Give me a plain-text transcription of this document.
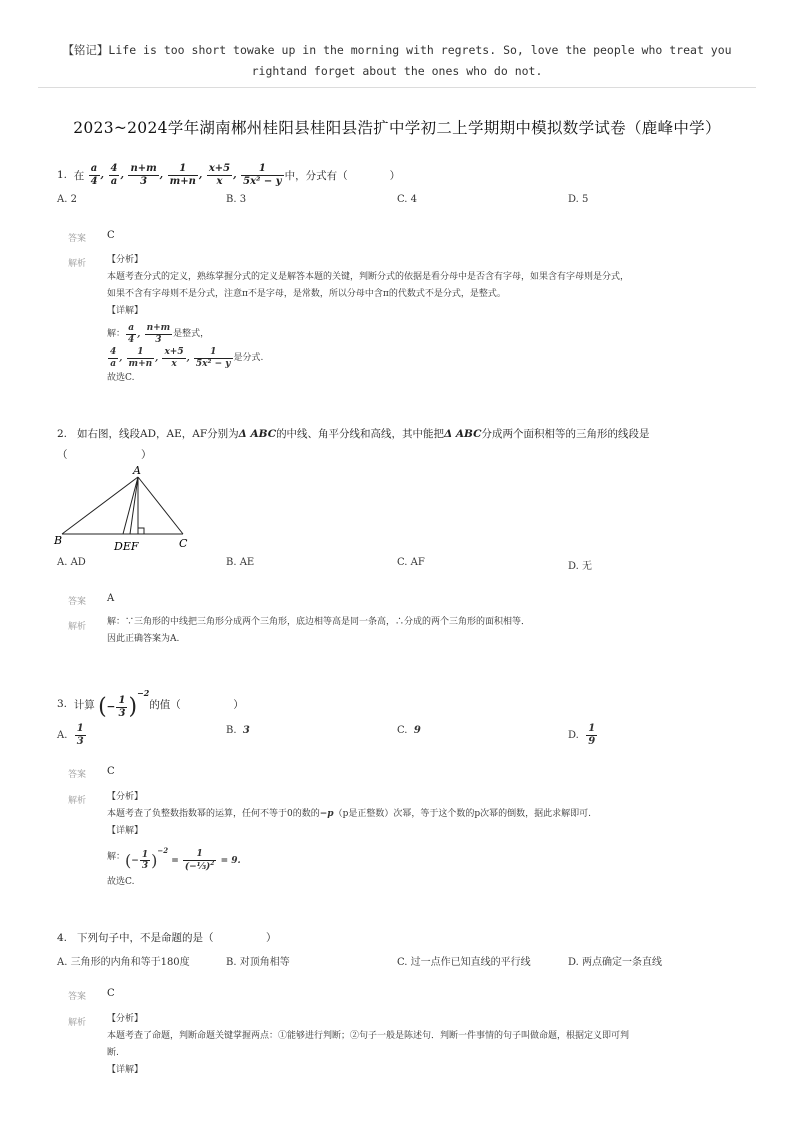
【铭记】Life is too short towake up in the morning with regrets. So, love the people who treat you
rightand forget about the ones who do not.
2023~2024学年湖南郴州桂阳县桂阳县浩扩中学初二上学期期中模拟数学试卷（鹿峰中学）
1.
在
$\frac{a}{4}$ , $\frac{4}{a}$ , $\frac{n+m}{3}$ , $\frac{1}{m+n}$ , $\frac{x+5}{x}$ , $\frac{1}{\text{5x² − y}}$ 中，分式有（　　　　）
A. 2	B. 3	C. 4	D. 5
答案 C
解析 【分析】
本题考查分式的定义，熟练掌握分式的定义是解答本题的关键，判断分式的依据是看分母中是否含有字母，如果含有字母则是分式，
如果不含有字母则不是分式，注意π不是字母，是常数，所以分母中含π的代数式不是分式，是整式。
【详解】
解： $\frac{a}{4}$ , $\frac{n+m}{3}$ 是整式，
$\frac{4}{a}$ , $\frac{1}{m+n}$ , $\frac{x+5}{x}$ , $\frac{1}{\text{5x² − y}}$ 是分式.
故选C.
2. 如右图，线段AD，AE，AF分别为Δ ABC的中线、角平分线和高线，其中能把Δ ABC分成两个面积相等的三角形的线段是
（　　　　　　　）
A
B	C
DEF
A. AD	B. AE	C. AF	D. 无
答案 A
解析 解：∵三角形的中线把三角形分成两个三角形，底边相等高是同一条高，∴分成的两个三角形的面积相等．
因此正确答案为A.
3.
计算
(− $\frac{1}{3} )^{-2}$
的值（　　　　　）
A.
$\frac{1}{3}$	B. 3	C. 9	D.
$\frac{1}{9}$
答案 C
解析 【分析】
本题考查了负整数指数幂的运算，任何不等于0的数的−p（p是正整数）次幂，等于这个数的p次幂的倒数，据此求解即可.
【详解】
解： (− $\frac{1}{3} )^{-2} = \frac{1}{(-\frac{1}{3})^2} = 9$.
故选C.
4. 下列句子中，不是命题的是（　　　　　）
A. 三角形的内角和等于180度	B. 对顶角相等	C. 过一点作已知直线的平行线	D. 两点确定一条直线
答案 C
解析 【分析】
本题考查了命题，判断命题关键掌握两点：①能够进行判断；②句子一般是陈述句．判断一件事情的句子叫做命题，根据定义即可判
断.
【详解】
